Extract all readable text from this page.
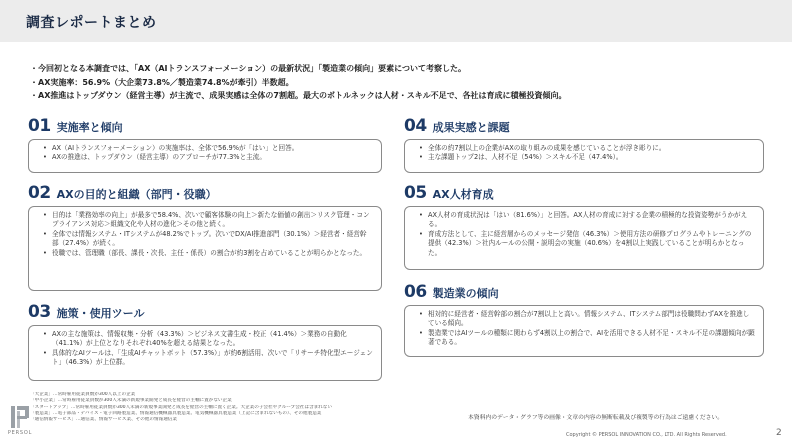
調査レポートまとめ
・今回初となる本調査では、「AX（AIトランスフォーメーション）の最新状況」「製造業の傾向」要素について考察した。
・AX実施率：56.9%（大企業73.8%／製造業74.8%が牽引）半数超。
・AX推進はトップダウン（経営主導）が主流で、成果実感は全体の7割超。最大のボトルネックは人材・スキル不足で、各社は育成に積極投資傾向。
01 実施率と傾向
• AX（AIトランスフォーメーション）の実施率は、全体で56.9%が「はい」と回答。
• AXの推進は、トップダウン（経営主導）のアプローチが77.3%と主流。
02 AXの目的と組織（部門・役職）
• 目的は「業務効率の向上」が最多で58.4%、次いで顧客体験の向上＞新たな価値の創出＞リスク管理・コンプライアンス対応＞組織文化や人材の進化＞その他と続く。
• 全体では情報システム・ITシステムが48.2%でトップ。次いでDX/AI推進部門（30.1%）＞経営者・経営幹部（27.4%）が続く。
• 役職では、管理職（部長、課長・次長、主任・係長）の割合が約3割を占めていることが明らかとなった。
03 施策・使用ツール
• AXの主な施策は、情報収集・分析（43.3%）＞ビジネス文書生成・校正（41.4%）＞業務の自動化（41.1%）が上位となりそれぞれ40%を超える結果となった。
• 具体的なAIツールは、「生成AIチャットボット（57.3%）」が約6割活用、次いで「リサーチ特化型エージェント」（46.3%）が上位群。
04 成果実感と課題
• 全体の約7割以上の企業がAXの取り組みの成果を感じていることが浮き彫りに。
• 主な課題トップ2は、人材不足（54%）＞スキル不足（47.4%）。
05 AX人材育成
• AX人材の育成状況は「はい（81.6%）」と回答。AX人材の育成に対する企業の積極的な投資姿勢がうかがえる。
• 育成方法として、主に経営層からのメッセージ発信（46.3%）＞使用方法の研修プログラムやトレーニングの提供（42.3%）＞社内ルールの公開・説明会の実施（40.6%）を4割以上実践していることが明らかとなった。
06 製造業の傾向
• 相対的に経営者・経営幹部の割合が7割以上と高い。情報システム、ITシステム部門は役職問わずAXを推進している傾向。
• 製造業ではAIツールの種類に関わらず4割以上の割合で、AIを活用できる人材不足・スキル不足の課題傾向が顕著である。
「大企業」…常時雇用従業員数が300人以上の企業
「中小企業」…常時雇用従業員数が300人未満の新規事業開発と成長を経営の主軸に置かない企業
「スタートアップ」…常時雇用従業員数が300人未満の新規事業開発と成長を経営の主軸に置く企業。大企業の子会社やグループ会社は含まれない
「製造業」…電子部品・デバイス・電子回路製造業、情報通信機械器具製造業、電気機械器具製造業（上記に含まれないもの）、その他製造業
「通信情報サービス」…通信業、情報サービス業、その他の情報通信業
PERSOL
本資料内のデータ・グラフ等の画像・文章の内容の無断転載及び複製等の行為はご遠慮ください。
Copyright © PERSOL INNOVATION CO., LTD. All Rights Reserved.	2
